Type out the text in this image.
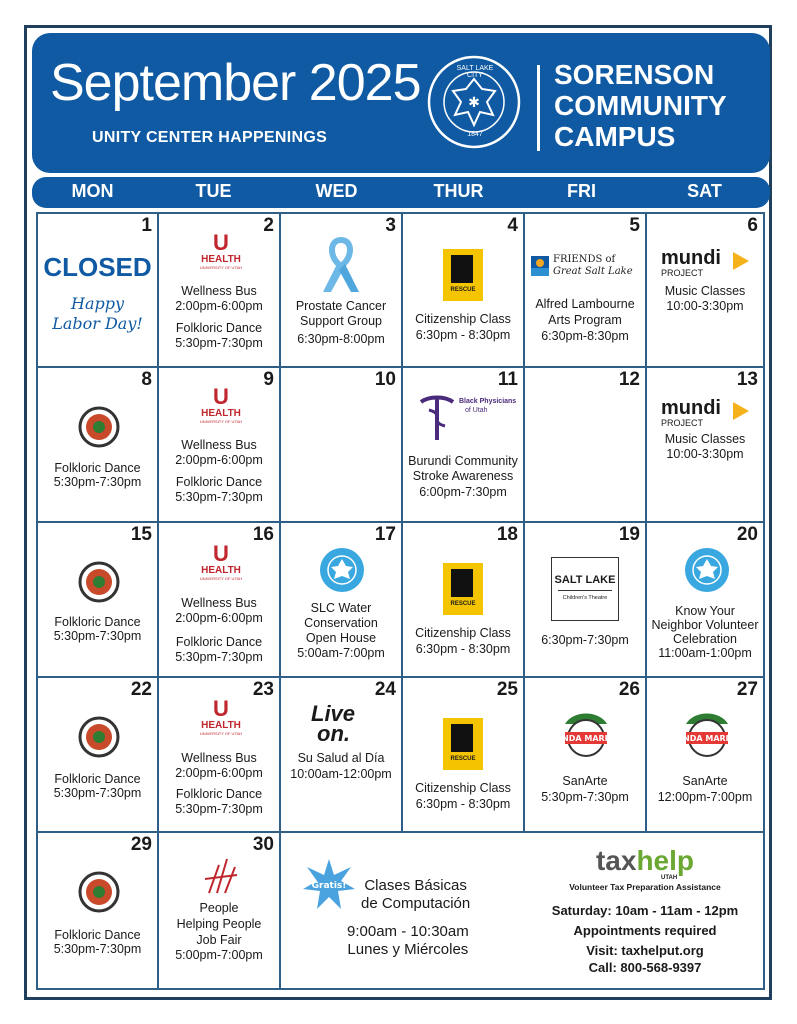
September 2025
UNITY CENTER HAPPENINGS
✱
SALT LAKE CITY
1847
SORENSON
COMMUNITY
CAMPUS
MON	TUE	WED	THUR	FRI	SAT
1
CLOSED
Happy
Labor Day!
2
U
HEALTH
UNIVERSITY OF UTAH
Wellness Bus
2:00pm-6:00pm
Folkloric Dance
5:30pm-7:30pm
3
Prostate Cancer
Support Group
6:30pm-8:00pm
4
RESCUE
Citizenship Class
6:30pm - 8:30pm
5
FRIENDS of
Great Salt Lake
Alfred Lambourne
Arts Program
6:30pm-8:30pm
6
mundi
PROJECT
Music Classes
10:00-3:30pm
8
Folkloric Dance
5:30pm-7:30pm
9
U
HEALTH
UNIVERSITY OF UTAH
Wellness Bus
2:00pm-6:00pm
Folkloric Dance
5:30pm-7:30pm
10	11
Black Physicians
of Utah
Burundi Community
Stroke Awareness
6:00pm-7:30pm
12	13
mundi
PROJECT
Music Classes
10:00-3:30pm
15
Folkloric Dance
5:30pm-7:30pm
16
U
HEALTH
UNIVERSITY OF UTAH
Wellness Bus
2:00pm-6:00pm
Folkloric Dance
5:30pm-7:30pm
17
SLC Water
Conservation
Open House
5:00am-7:00pm
18
RESCUE
Citizenship Class
6:30pm - 8:30pm
19
SALT LAKE
Children's Theatre
6:30pm-7:30pm
20
Know Your
Neighbor Volunteer
Celebration
11:00am-1:00pm
22
Folkloric Dance
5:30pm-7:30pm
23
U
HEALTH
UNIVERSITY OF UTAH
Wellness Bus
2:00pm-6:00pm
Folkloric Dance
5:30pm-7:30pm
24
Live
on.
Su Salud al Día
10:00am-12:00pm
25
RESCUE
Citizenship Class
6:30pm - 8:30pm
26
B'NDA MARILS
SanArte
5:30pm-7:30pm
27
B'NDA MARILS
SanArte
12:00pm-7:00pm
29
Folkloric Dance
5:30pm-7:30pm
30
People
Helping People
Job Fair
5:00pm-7:00pm
Gratis! Clases Básicas
de Computación
9:00am - 10:30am
Lunes y Miércoles
taxhelp
UTAH
Volunteer Tax Preparation Assistance
Saturday: 10am - 11am - 12pm
Appointments required
Visit: taxhelput.org
Call: 800-568-9397
